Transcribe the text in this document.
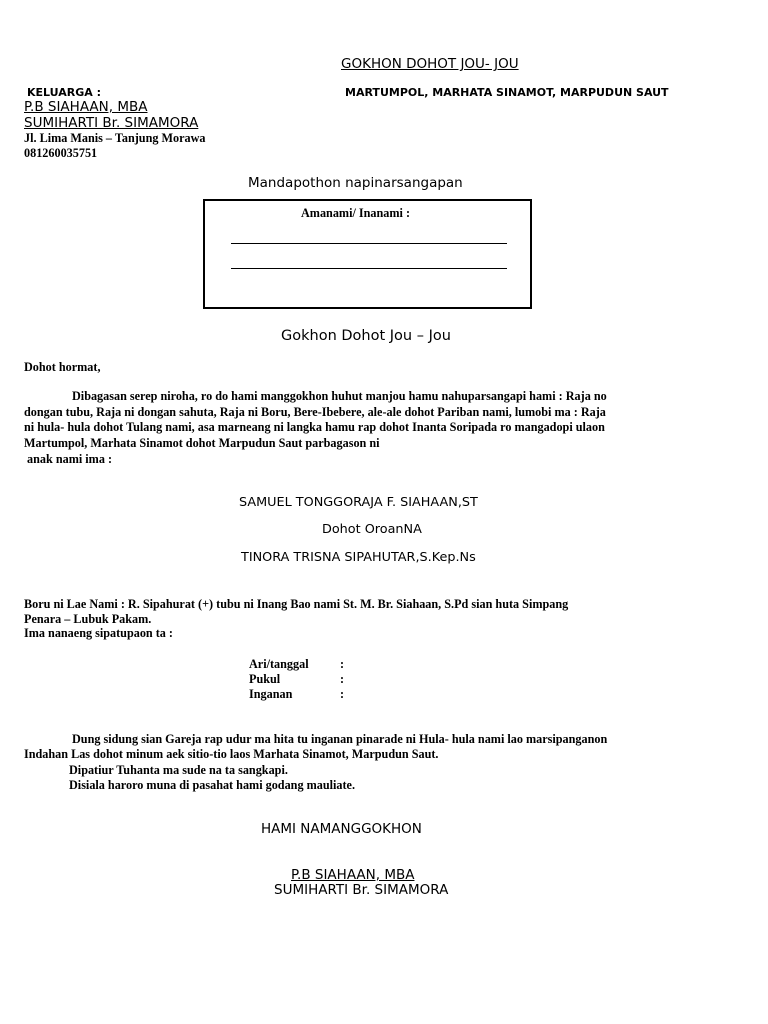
GOKHON DOHOT JOU- JOU
KELUARGA :	MARTUMPOL, MARHATA SINAMOT, MARPUDUN SAUT
P.B SIAHAAN, MBA
SUMIHARTI Br. SIMAMORA
Jl. Lima Manis – Tanjung Morawa
081260035751
Mandapothon napinarsangapan
Amanami/ Inanami :
Gokhon Dohot Jou – Jou
Dohot hormat,
Dibagasan serep niroha, ro do hami manggokhon huhut manjou hamu nahuparsangapi hami : Raja no
dongan tubu, Raja ni dongan sahuta, Raja ni Boru, Bere-Ibebere, ale-ale dohot Pariban nami, lumobi ma : Raja
ni hula- hula dohot Tulang nami, asa marneang ni langka hamu rap dohot Inanta Soripada ro mangadopi ulaon
Martumpol, Marhata Sinamot dohot Marpudun Saut parbagason ni
anak nami ima :
SAMUEL TONGGORAJA F. SIAHAAN,ST
Dohot OroanNA
TINORA TRISNA SIPAHUTAR,S.Kep.Ns
Boru ni Lae Nami : R. Sipahurat (+) tubu ni Inang Bao nami St. M. Br. Siahaan, S.Pd sian huta Simpang
Penara – Lubuk Pakam.
Ima nanaeng sipatupaon ta :
Ari/tanggal	:
Pukul	:
Inganan	:
Dung sidung sian Gareja rap udur ma hita tu inganan pinarade ni Hula- hula nami lao marsipanganon
Indahan Las dohot minum aek sitio-tio laos Marhata Sinamot, Marpudun Saut.
Dipatiur Tuhanta ma sude na ta sangkapi.
Disiala haroro muna di pasahat hami godang mauliate.
HAMI NAMANGGOKHON
P.B SIAHAAN, MBA
SUMIHARTI Br. SIMAMORA
